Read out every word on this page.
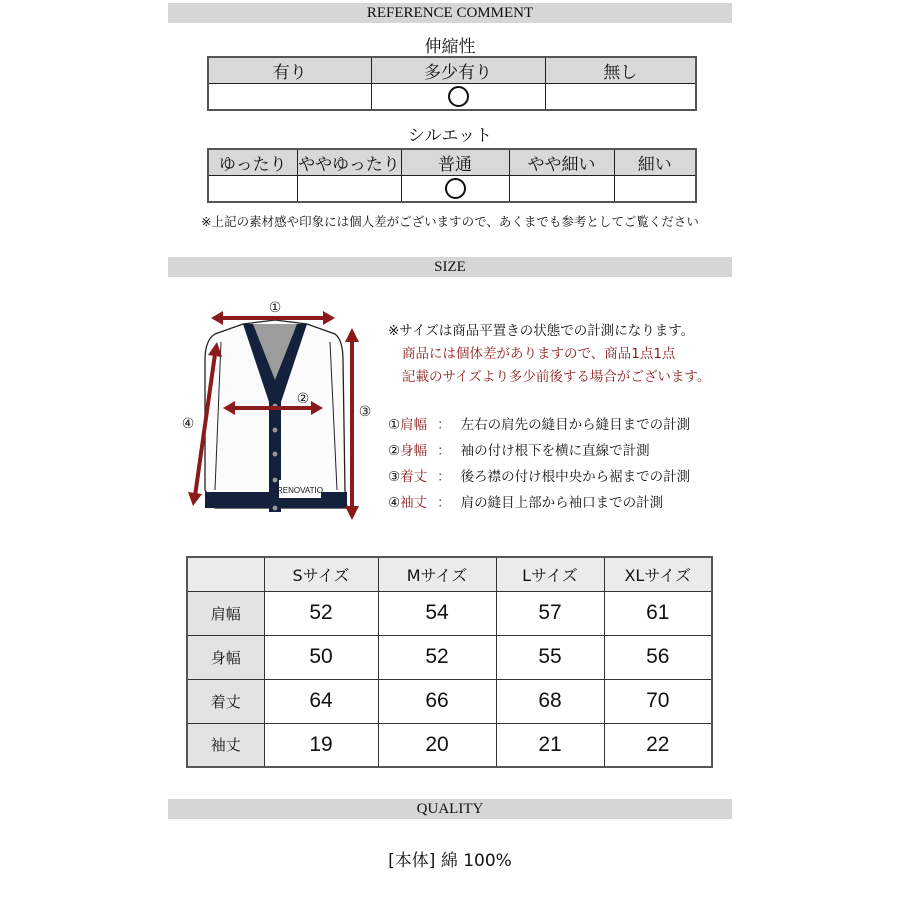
REFERENCE COMMENT
伸縮性
有り	多少有り	無し

シルエット
ゆったり	ややゆったり	普通	やや細い	細い

※上記の素材感や印象には個人差がございますので、あくまでも参考としてご覧ください
SIZE
RENOVATIO
①
②
③
④
※サイズは商品平置きの状態での計測になります。
商品には個体差がありますので、商品1点1点
記載のサイズより多少前後する場合がございます。
①肩幅 ： 左右の肩先の縫目から縫目までの計測
②身幅 ： 袖の付け根下を横に直線で計測
③着丈 ： 後ろ襟の付け根中央から裾までの計測
④袖丈 ： 肩の縫目上部から袖口までの計測
	Sサイズ	Mサイズ	Lサイズ	XLサイズ
肩幅	52	54	57	61
身幅	50	52	55	56
着丈	64	66	68	70
袖丈	19	20	21	22
QUALITY
[本体] 綿 100%
